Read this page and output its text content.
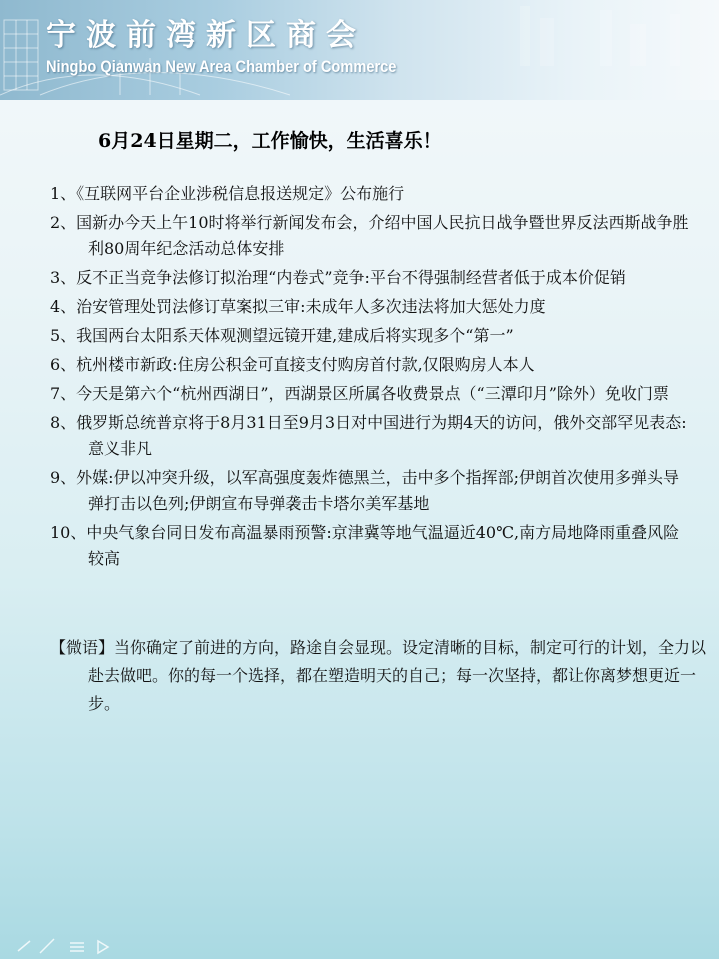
宁波前湾新区商会
Ningbo Qianwan New Area Chamber of Commerce
6月24日星期二，工作愉快，生活喜乐！
1、《互联网平台企业涉税信息报送规定》公布施行
2、国新办今天上午10时将举行新闻发布会，介绍中国人民抗日战争暨世界反法西斯战争胜利80周年纪念活动总体安排
3、反不正当竞争法修订拟治理“内卷式”竞争:平台不得强制经营者低于成本价促销
4、治安管理处罚法修订草案拟三审:未成年人多次违法将加大惩处力度
5、我国两台太阳系天体观测望远镜开建,建成后将实现多个“第一”
6、杭州楼市新政:住房公积金可直接支付购房首付款,仅限购房人本人
7、今天是第六个“杭州西湖日”，西湖景区所属各收费景点（“三潭印月”除外）免收门票
8、俄罗斯总统普京将于8月31日至9月3日对中国进行为期4天的访问，俄外交部罕见表态:意义非凡
9、外媒:伊以冲突升级，以军高强度轰炸德黑兰，击中多个指挥部;伊朗首次使用多弹头导弹打击以色列;伊朗宣布导弹袭击卡塔尔美军基地
10、中央气象台同日发布高温暴雨预警:京津冀等地气温逼近40℃,南方局地降雨重叠风险较高
【微语】当你确定了前进的方向，路途自会显现。设定清晰的目标，制定可行的计划，全力以赴去做吧。你的每一个选择，都在塑造明天的自己；每一次坚持，都让你离梦想更近一步。
